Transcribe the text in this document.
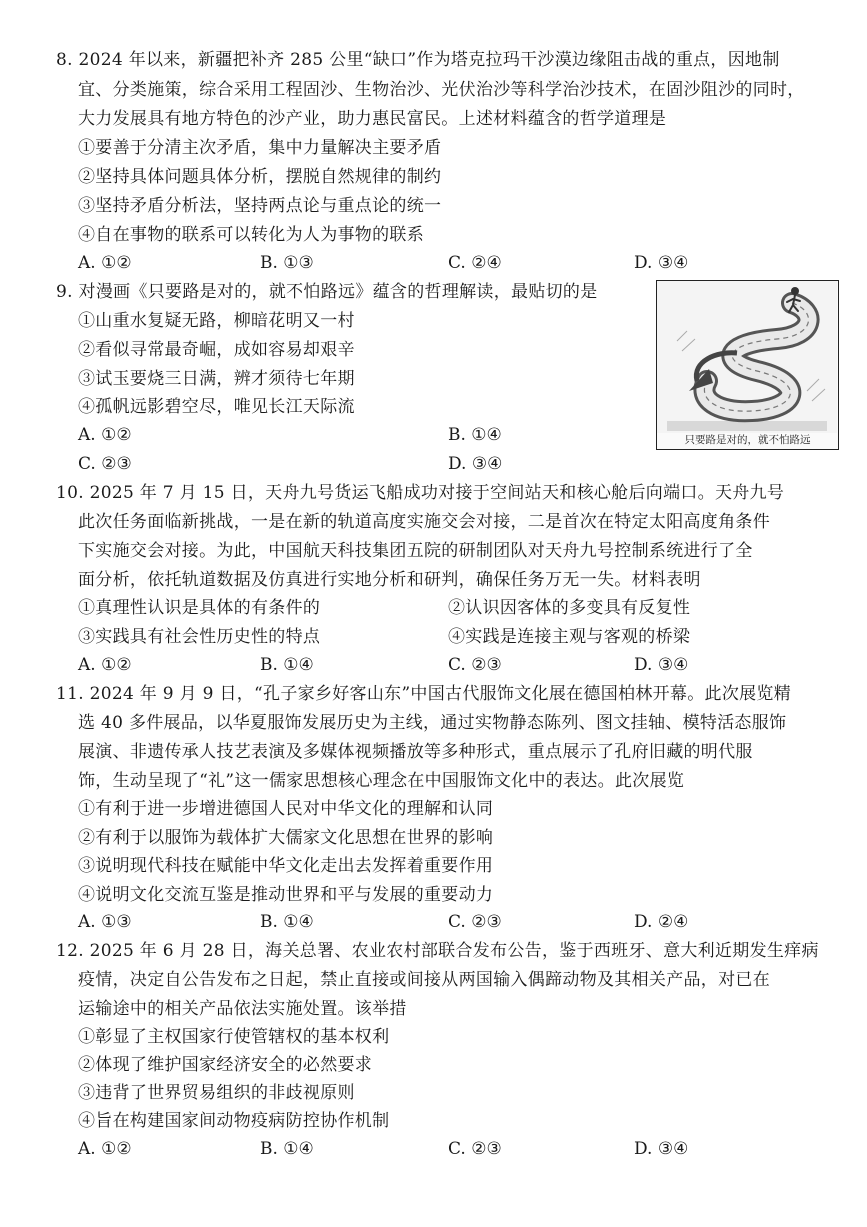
8. 2024 年以来，新疆把补齐 285 公里“缺口”作为塔克拉玛干沙漠边缘阻击战的重点，因地制
宜、分类施策，综合采用工程固沙、生物治沙、光伏治沙等科学治沙技术，在固沙阻沙的同时，
大力发展具有地方特色的沙产业，助力惠民富民。上述材料蕴含的哲学道理是
①要善于分清主次矛盾，集中力量解决主要矛盾
②坚持具体问题具体分析，摆脱自然规律的制约
③坚持矛盾分析法，坚持两点论与重点论的统一
④自在事物的联系可以转化为人为事物的联系
A. ①②	B. ①③	C. ②④	D. ③④
9. 对漫画《只要路是对的，就不怕路远》蕴含的哲理解读，最贴切的是
①山重水复疑无路，柳暗花明又一村
②看似寻常最奇崛，成如容易却艰辛
③试玉要烧三日满，辨才须待七年期
④孤帆远影碧空尽，唯见长江天际流
A. ①②	B. ①④
C. ②③	D. ③④
只要路是对的，就不怕路远
10. 2025 年 7 月 15 日，天舟九号货运飞船成功对接于空间站天和核心舱后向端口。天舟九号
此次任务面临新挑战，一是在新的轨道高度实施交会对接，二是首次在特定太阳高度角条件
下实施交会对接。为此，中国航天科技集团五院的研制团队对天舟九号控制系统进行了全
面分析，依托轨道数据及仿真进行实地分析和研判，确保任务万无一失。材料表明
①真理性认识是具体的有条件的	②认识因客体的多变具有反复性
③实践具有社会性历史性的特点	④实践是连接主观与客观的桥梁
A. ①②	B. ①④	C. ②③	D. ③④
11. 2024 年 9 月 9 日，“孔子家乡好客山东”中国古代服饰文化展在德国柏林开幕。此次展览精
选 40 多件展品，以华夏服饰发展历史为主线，通过实物静态陈列、图文挂轴、模特活态服饰
展演、非遗传承人技艺表演及多媒体视频播放等多种形式，重点展示了孔府旧藏的明代服
饰，生动呈现了“礼”这一儒家思想核心理念在中国服饰文化中的表达。此次展览
①有利于进一步增进德国人民对中华文化的理解和认同
②有利于以服饰为载体扩大儒家文化思想在世界的影响
③说明现代科技在赋能中华文化走出去发挥着重要作用
④说明文化交流互鉴是推动世界和平与发展的重要动力
A. ①③	B. ①④	C. ②③	D. ②④
12. 2025 年 6 月 28 日，海关总署、农业农村部联合发布公告，鉴于西班牙、意大利近期发生痒病
疫情，决定自公告发布之日起，禁止直接或间接从两国输入偶蹄动物及其相关产品，对已在
运输途中的相关产品依法实施处置。该举措
①彰显了主权国家行使管辖权的基本权利
②体现了维护国家经济安全的必然要求
③违背了世界贸易组织的非歧视原则
④旨在构建国家间动物疫病防控协作机制
A. ①②	B. ①④	C. ②③	D. ③④
